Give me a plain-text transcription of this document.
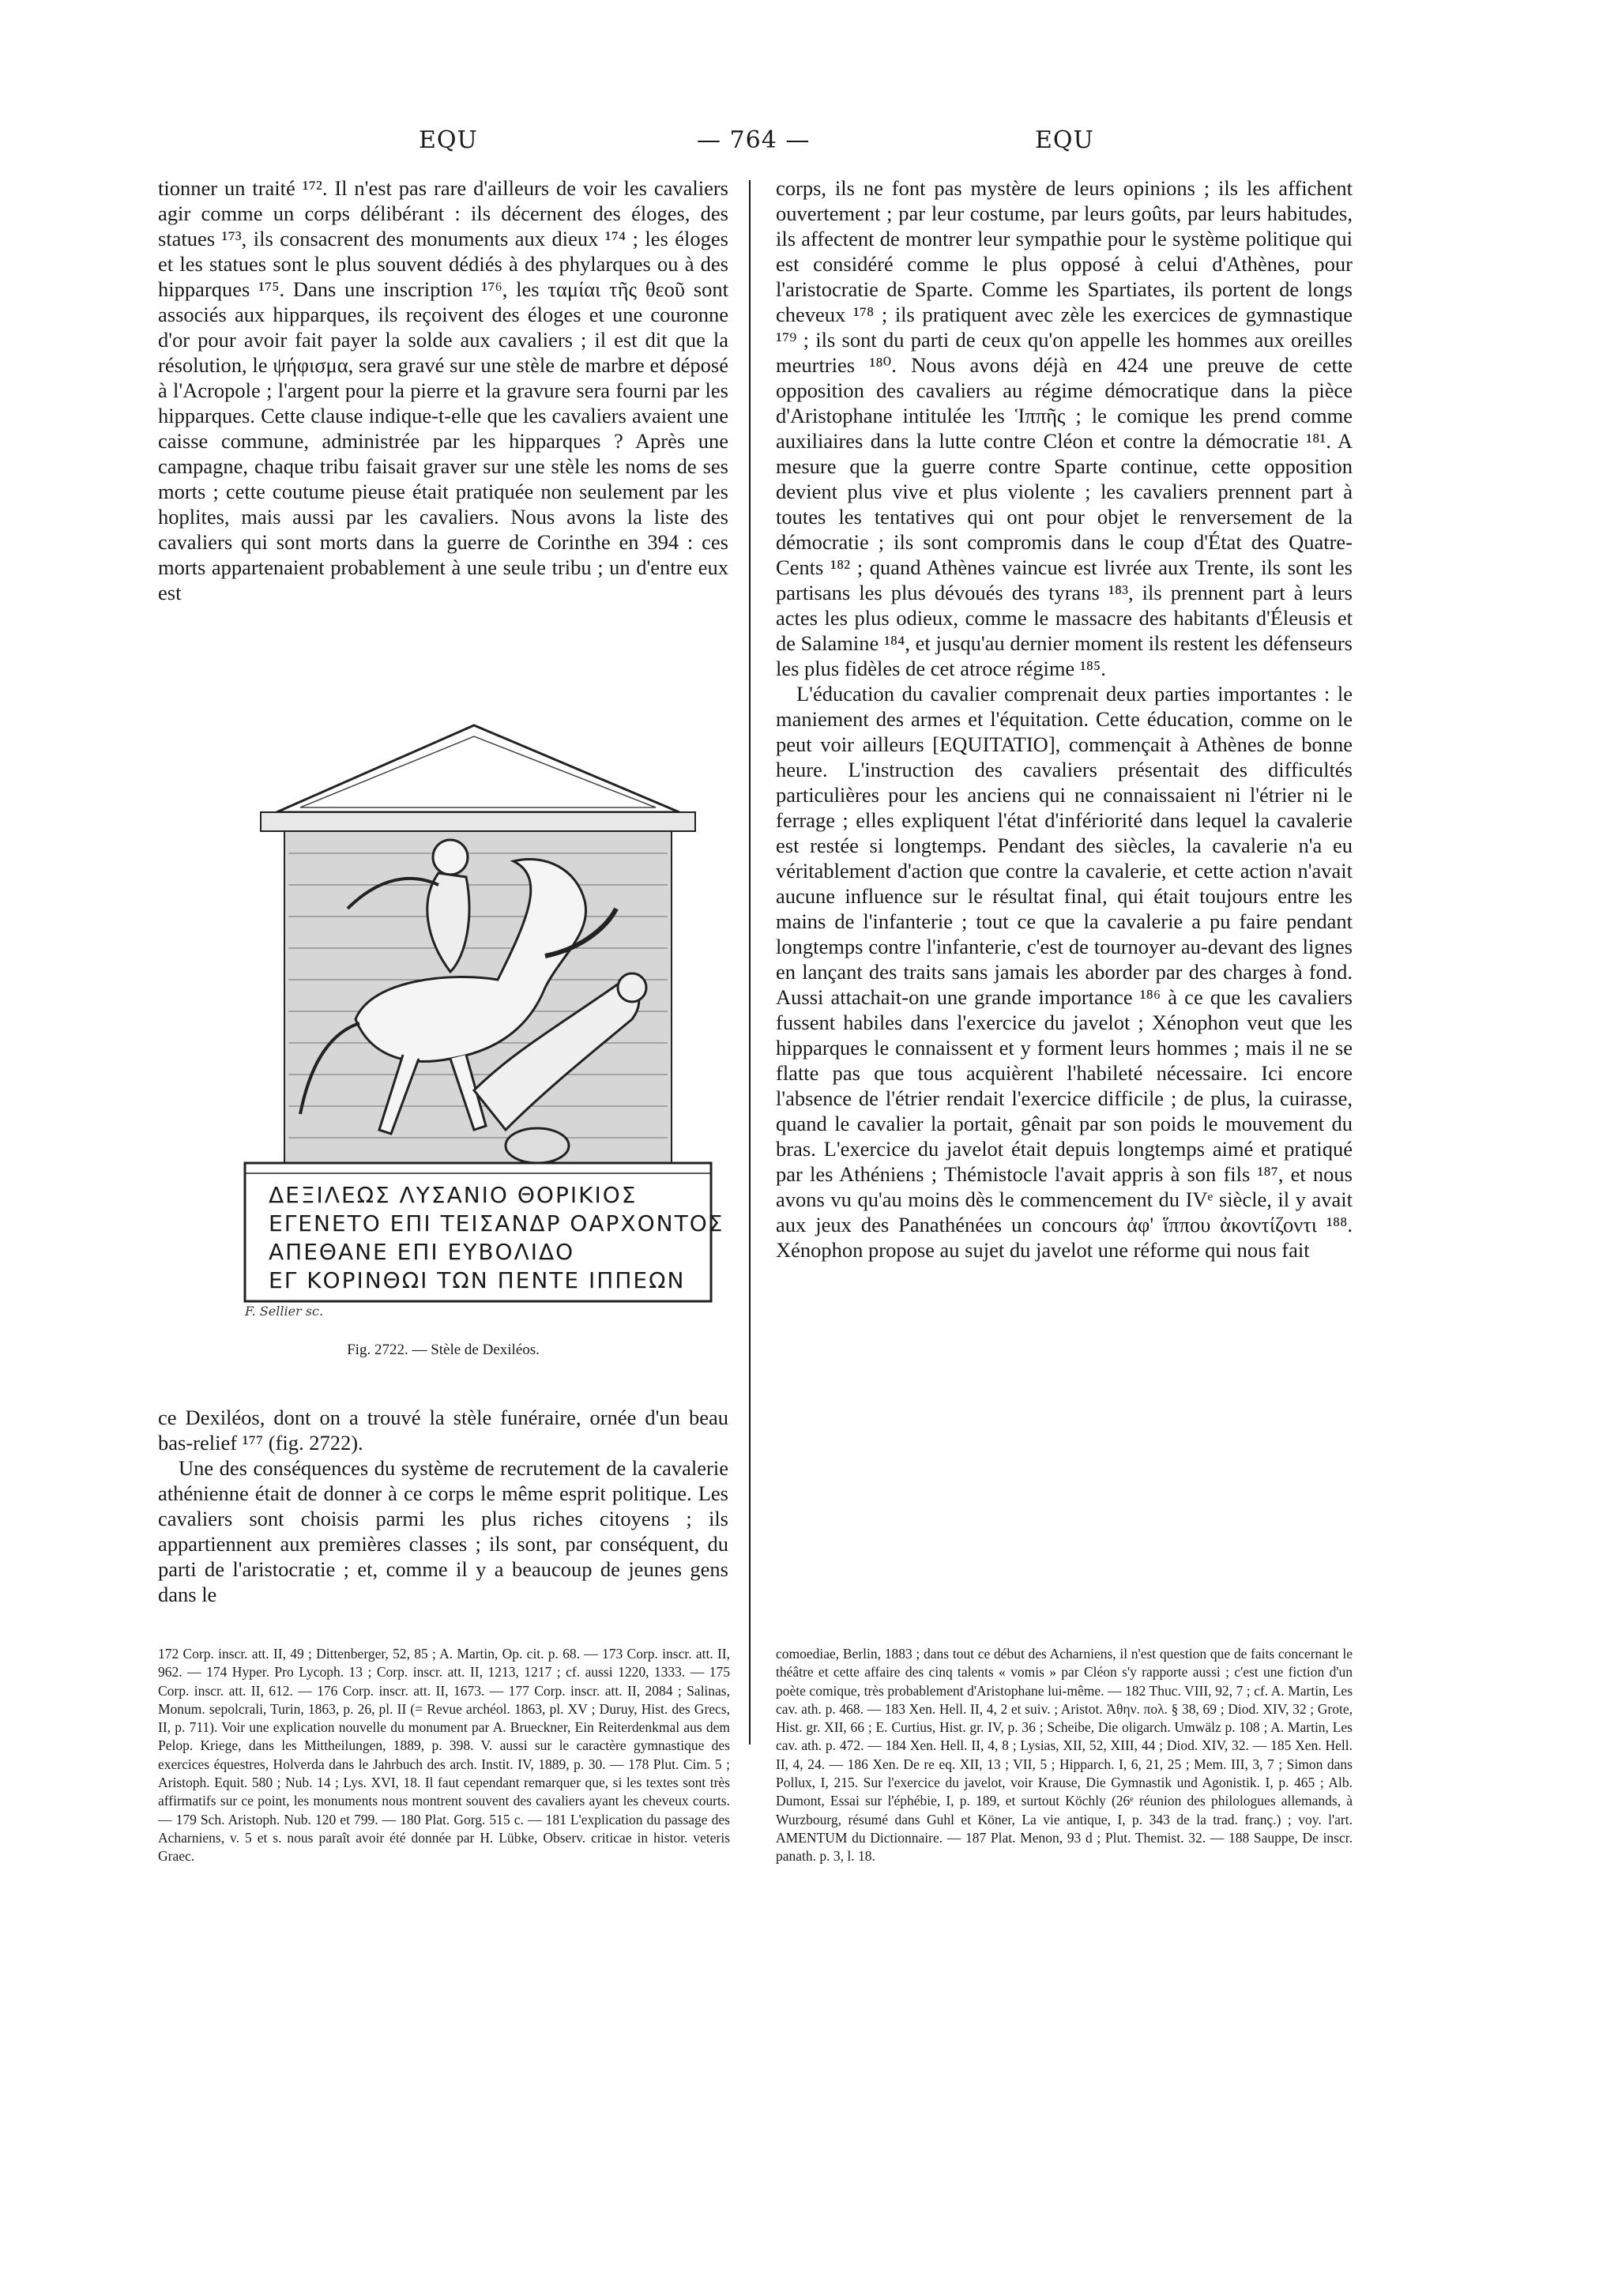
EQU	— 764 —	EQU

tionner un traité ¹⁷². Il n'est pas rare d'ailleurs de voir les cavaliers agir comme un corps délibérant : ils décernent des éloges, des statues ¹⁷³, ils consacrent des monuments aux dieux ¹⁷⁴ ; les éloges et les statues sont le plus souvent dédiés à des phylarques ou à des hipparques ¹⁷⁵. Dans une inscription ¹⁷⁶, les ταμίαι τῆς θεοῦ sont associés aux hipparques, ils reçoivent des éloges et une couronne d'or pour avoir fait payer la solde aux cavaliers ; il est dit que la résolution, le ψήφισμα, sera gravé sur une stèle de marbre et déposé à l'Acropole ; l'argent pour la pierre et la gravure sera fourni par les hipparques. Cette clause indique-t-elle que les cavaliers avaient une caisse commune, administrée par les hipparques ? Après une campagne, chaque tribu faisait graver sur une stèle les noms de ses morts ; cette coutume pieuse était pratiquée non seulement par les hoplites, mais aussi par les cavaliers. Nous avons la liste des cavaliers qui sont morts dans la guerre de Corinthe en 394 : ces morts appartenaient probablement à une seule tribu ; un d'entre eux est

ΔΕΞΙΛΕΩΣ ΛΥΣΑΝΙΟ ΘΟΡΙΚΙΟΣ
ΕΓΕΝΕΤΟ ΕΠΙ ΤΕΙΣΑΝΔΡ ΟΑΡΧΟΝΤΟΣ
ΑΠΕΘΑΝΕ ΕΠΙ ΕΥΒΟΛΙΔΟ
ΕΓ ΚΟΡΙΝΘΩΙ ΤΩΝ ΠΕΝΤΕ ΙΠΠΕΩΝ
F. Sellier sc.
Fig. 2722. — Stèle de Dexiléos.

ce Dexiléos, dont on a trouvé la stèle funéraire, ornée d'un beau bas-relief ¹⁷⁷ (fig. 2722).

Une des conséquences du système de recrutement de la cavalerie athénienne était de donner à ce corps le même esprit politique. Les cavaliers sont choisis parmi les plus riches citoyens ; ils appartiennent aux premières classes ; ils sont, par conséquent, du parti de l'aristocratie ; et, comme il y a beaucoup de jeunes gens dans le

corps, ils ne font pas mystère de leurs opinions ; ils les affichent ouvertement ; par leur costume, par leurs goûts, par leurs habitudes, ils affectent de montrer leur sympathie pour le système politique qui est considéré comme le plus opposé à celui d'Athènes, pour l'aristocratie de Sparte. Comme les Spartiates, ils portent de longs cheveux ¹⁷⁸ ; ils pratiquent avec zèle les exercices de gymnastique ¹⁷⁹ ; ils sont du parti de ceux qu'on appelle les hommes aux oreilles meurtries ¹⁸⁰. Nous avons déjà en 424 une preuve de cette opposition des cavaliers au régime démocratique dans la pièce d'Aristophane intitulée les Ἱππῆς ; le comique les prend comme auxiliaires dans la lutte contre Cléon et contre la démocratie ¹⁸¹. A mesure que la guerre contre Sparte continue, cette opposition devient plus vive et plus violente ; les cavaliers prennent part à toutes les tentatives qui ont pour objet le renversement de la démocratie ; ils sont compromis dans le coup d'État des Quatre-Cents ¹⁸² ; quand Athènes vaincue est livrée aux Trente, ils sont les partisans les plus dévoués des tyrans ¹⁸³, ils prennent part à leurs actes les plus odieux, comme le massacre des habitants d'Éleusis et de Salamine ¹⁸⁴, et jusqu'au dernier moment ils restent les défenseurs les plus fidèles de cet atroce régime ¹⁸⁵.

L'éducation du cavalier comprenait deux parties importantes : le maniement des armes et l'équitation. Cette éducation, comme on le peut voir ailleurs [EQUITATIO], commençait à Athènes de bonne heure. L'instruction des cavaliers présentait des difficultés particulières pour les anciens qui ne connaissaient ni l'étrier ni le ferrage ; elles expliquent l'état d'infériorité dans lequel la cavalerie est restée si longtemps. Pendant des siècles, la cavalerie n'a eu véritablement d'action que contre la cavalerie, et cette action n'avait aucune influence sur le résultat final, qui était toujours entre les mains de l'infanterie ; tout ce que la cavalerie a pu faire pendant longtemps contre l'infanterie, c'est de tournoyer au-devant des lignes en lançant des traits sans jamais les aborder par des charges à fond. Aussi attachait-on une grande importance ¹⁸⁶ à ce que les cavaliers fussent habiles dans l'exercice du javelot ; Xénophon veut que les hipparques le connaissent et y forment leurs hommes ; mais il ne se flatte pas que tous acquièrent l'habileté nécessaire. Ici encore l'absence de l'étrier rendait l'exercice difficile ; de plus, la cuirasse, quand le cavalier la portait, gênait par son poids le mouvement du bras. L'exercice du javelot était depuis longtemps aimé et pratiqué par les Athéniens ; Thémistocle l'avait appris à son fils ¹⁸⁷, et nous avons vu qu'au moins dès le commencement du IVᵉ siècle, il y avait aux jeux des Panathénées un concours ἀφ' ἵππου ἀκοντίζοντι ¹⁸⁸. Xénophon propose au sujet du javelot une réforme qui nous fait

172 Corp. inscr. att. II, 49 ; Dittenberger, 52, 85 ; A. Martin, Op. cit. p. 68. — 173 Corp. inscr. att. II, 962. — 174 Hyper. Pro Lycoph. 13 ; Corp. inscr. att. II, 1213, 1217 ; cf. aussi 1220, 1333. — 175 Corp. inscr. att. II, 612. — 176 Corp. inscr. att. II, 1673. — 177 Corp. inscr. att. II, 2084 ; Salinas, Monum. sepolcrali, Turin, 1863, p. 26, pl. II (= Revue archéol. 1863, pl. XV ; Duruy, Hist. des Grecs, II, p. 711). Voir une explication nouvelle du monument par A. Brueckner, Ein Reiterdenkmal aus dem Pelop. Kriege, dans les Mittheilungen, 1889, p. 398. V. aussi sur le caractère gymnastique des exercices équestres, Holverda dans le Jahrbuch des arch. Instit. IV, 1889, p. 30. — 178 Plut. Cim. 5 ; Aristoph. Equit. 580 ; Nub. 14 ; Lys. XVI, 18. Il faut cependant remarquer que, si les textes sont très affirmatifs sur ce point, les monuments nous montrent souvent des cavaliers ayant les cheveux courts. — 179 Sch. Aristoph. Nub. 120 et 799. — 180 Plat. Gorg. 515 c. — 181 L'explication du passage des Acharniens, v. 5 et s. nous paraît avoir été donnée par H. Lübke, Observ. criticae in histor. veteris Graec.

comoediae, Berlin, 1883 ; dans tout ce début des Acharniens, il n'est question que de faits concernant le théâtre et cette affaire des cinq talents « vomis » par Cléon s'y rapporte aussi ; c'est une fiction d'un poète comique, très probablement d'Aristophane lui-même. — 182 Thuc. VIII, 92, 7 ; cf. A. Martin, Les cav. ath. p. 468. — 183 Xen. Hell. II, 4, 2 et suiv. ; Aristot. Ἀθην. πολ. § 38, 69 ; Diod. XIV, 32 ; Grote, Hist. gr. XII, 66 ; E. Curtius, Hist. gr. IV, p. 36 ; Scheibe, Die oligarch. Umwälz p. 108 ; A. Martin, Les cav. ath. p. 472. — 184 Xen. Hell. II, 4, 8 ; Lysias, XII, 52, XIII, 44 ; Diod. XIV, 32. — 185 Xen. Hell. II, 4, 24. — 186 Xen. De re eq. XII, 13 ; VII, 5 ; Hipparch. I, 6, 21, 25 ; Mem. III, 3, 7 ; Simon dans Pollux, I, 215. Sur l'exercice du javelot, voir Krause, Die Gymnastik und Agonistik. I, p. 465 ; Alb. Dumont, Essai sur l'éphébie, I, p. 189, et surtout Köchly (26ᵉ réunion des philologues allemands, à Wurzbourg, résumé dans Guhl et Köner, La vie antique, I, p. 343 de la trad. franç.) ; voy. l'art. AMENTUM du Dictionnaire. — 187 Plat. Menon, 93 d ; Plut. Themist. 32. — 188 Sauppe, De inscr. panath. p. 3, l. 18.
